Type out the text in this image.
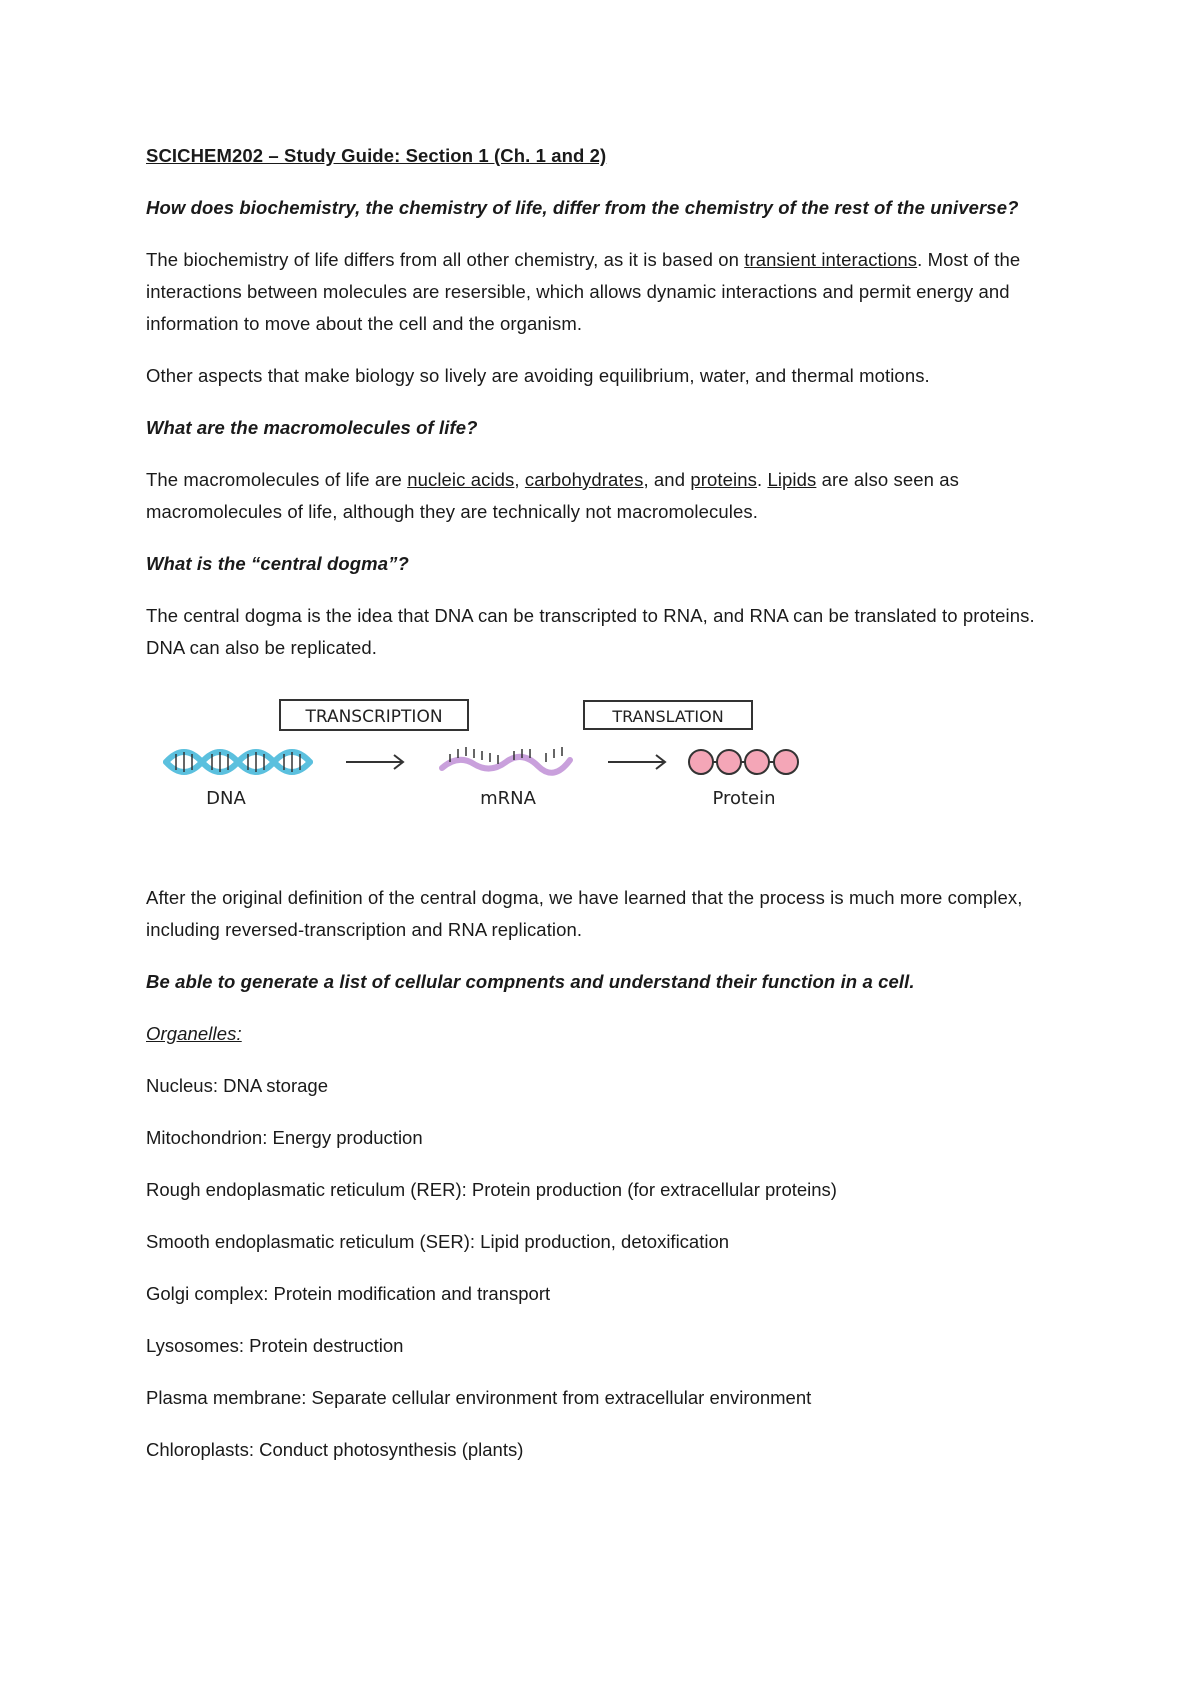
SCICHEM202 – Study Guide: Section 1 (Ch. 1 and 2)

How does biochemistry, the chemistry of life, differ from the chemistry of the rest of the universe?

The biochemistry of life differs from all other chemistry, as it is based on transient interactions. Most of the interactions between molecules are resersible, which allows dynamic interactions and permit energy and information to move about the cell and the organism.

Other aspects that make biology so lively are avoiding equilibrium, water, and thermal motions.

What are the macromolecules of life?

The macromolecules of life are nucleic acids, carbohydrates, and proteins. Lipids are also seen as macromolecules of life, although they are technically not macromolecules.

What is the “central dogma”?

The central dogma is the idea that DNA can be transcripted to RNA, and RNA can be translated to proteins. DNA can also be replicated.

TRANSCRIPTION	TRANSLATION
DNA	mRNA	Protein

After the original definition of the central dogma, we have learned that the process is much more complex, including reversed-transcription and RNA replication.

Be able to generate a list of cellular compnents and understand their function in a cell.

Organelles:

Nucleus: DNA storage

Mitochondrion: Energy production

Rough endoplasmatic reticulum (RER): Protein production (for extracellular proteins)

Smooth endoplasmatic reticulum (SER): Lipid production, detoxification

Golgi complex: Protein modification and transport

Lysosomes: Protein destruction

Plasma membrane: Separate cellular environment from extracellular environment

Chloroplasts: Conduct photosynthesis (plants)
